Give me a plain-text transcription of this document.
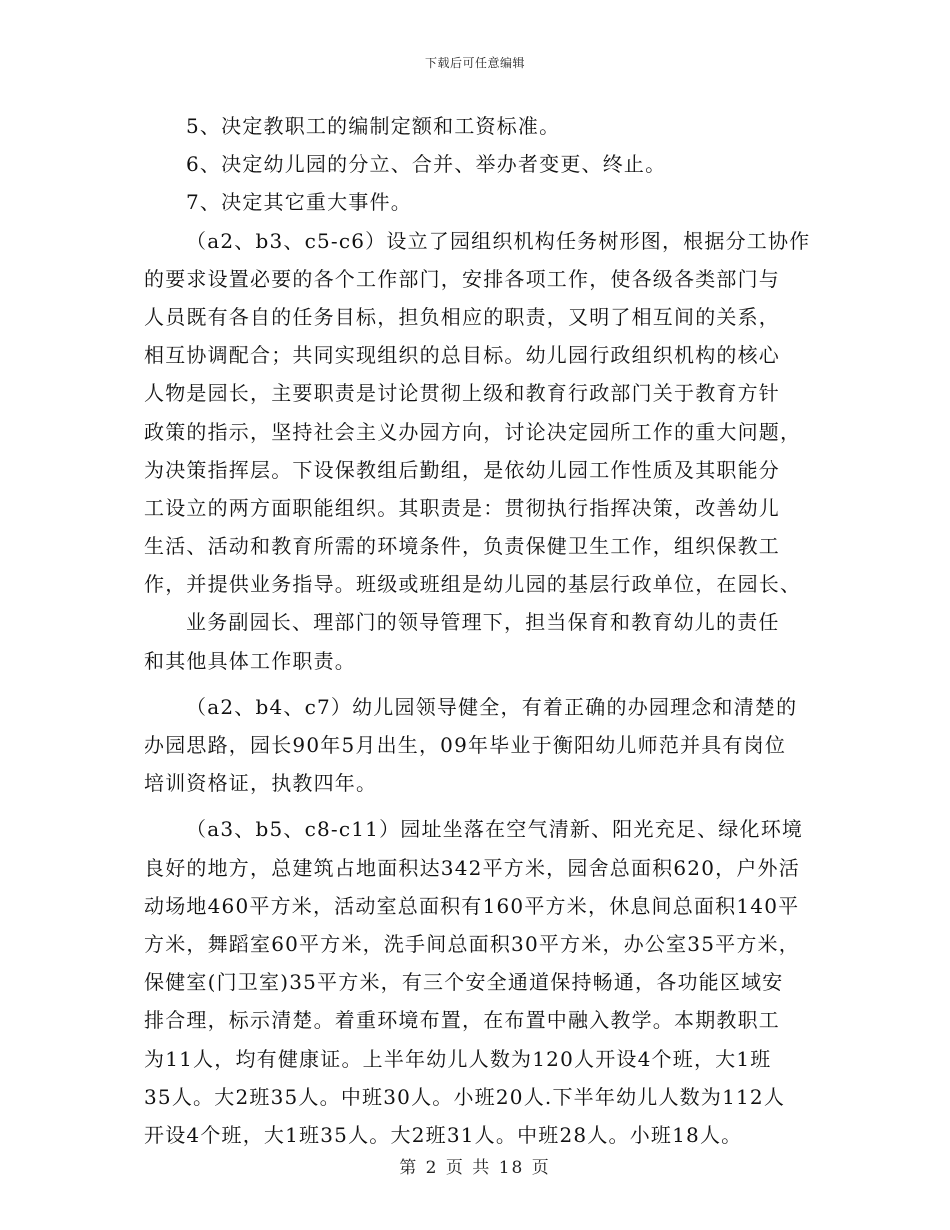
下载后可任意编辑
5、决定教职工的编制定额和工资标准。
6、决定幼儿园的分立、合并、举办者变更、终止。
7、决定其它重大事件。
（a2、b3、c5-c6）设立了园组织机构任务树形图，根据分工协作
的要求设置必要的各个工作部门，安排各项工作，使各级各类部门与
人员既有各自的任务目标，担负相应的职责，又明了相互间的关系，
相互协调配合；共同实现组织的总目标。幼儿园行政组织机构的核心
人物是园长，主要职责是讨论贯彻上级和教育行政部门关于教育方针
政策的指示，坚持社会主义办园方向，讨论决定园所工作的重大问题，
为决策指挥层。下设保教组后勤组，是依幼儿园工作性质及其职能分
工设立的两方面职能组织。其职责是：贯彻执行指挥决策，改善幼儿
生活、活动和教育所需的环境条件，负责保健卫生工作，组织保教工
作，并提供业务指导。班级或班组是幼儿园的基层行政单位，在园长、
业务副园长、理部门的领导管理下，担当保育和教育幼儿的责任
和其他具体工作职责。
（a2、b4、c7）幼儿园领导健全，有着正确的办园理念和清楚的
办园思路，园长90年5月出生，09年毕业于衡阳幼儿师范并具有岗位
培训资格证，执教四年。
（a3、b5、c8-c11）园址坐落在空气清新、阳光充足、绿化环境
良好的地方，总建筑占地面积达342平方米，园舍总面积620，户外活
动场地460平方米，活动室总面积有160平方米，休息间总面积140平
方米，舞蹈室60平方米，洗手间总面积30平方米，办公室35平方米，
保健室(门卫室)35平方米，有三个安全通道保持畅通，各功能区域安
排合理，标示清楚。着重环境布置，在布置中融入教学。本期教职工
为11人，均有健康证。上半年幼儿人数为120人开设4个班，大1班
35人。大2班35人。中班30人。小班20人.下半年幼儿人数为112人
开设4个班，大1班35人。大2班31人。中班28人。小班18人。
第 2 页 共 18 页
